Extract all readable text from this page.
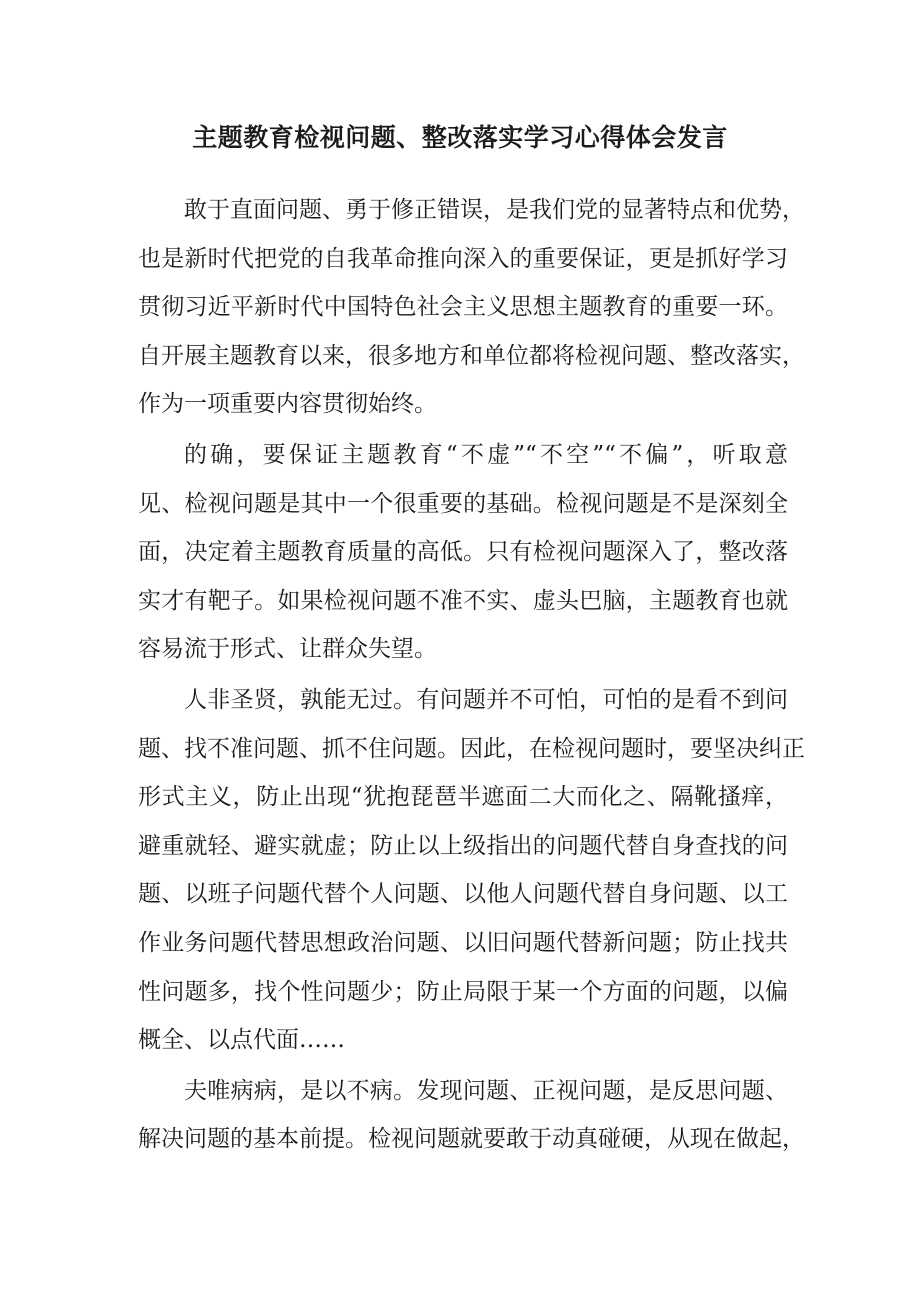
主题教育检视问题、整改落实学习心得体会发言
敢于直面问题、勇于修正错误，是我们党的显著特点和优势，
也是新时代把党的自我革命推向深入的重要保证，更是抓好学习
贯彻习近平新时代中国特色社会主义思想主题教育的重要一环。
自开展主题教育以来，很多地方和单位都将检视问题、整改落实，
作为一项重要内容贯彻始终。
的确，要保证主题教育“不虚”“不空”“不偏”，听取意
见、检视问题是其中一个很重要的基础。检视问题是不是深刻全
面，决定着主题教育质量的高低。只有检视问题深入了，整改落
实才有靶子。如果检视问题不准不实、虚头巴脑，主题教育也就
容易流于形式、让群众失望。
人非圣贤，孰能无过。有问题并不可怕，可怕的是看不到问
题、找不准问题、抓不住问题。因此，在检视问题时，要坚决纠正
形式主义，防止出现“犹抱琵琶半遮面二大而化之、隔靴搔痒，
避重就轻、避实就虚；防止以上级指出的问题代替自身查找的问
题、以班子问题代替个人问题、以他人问题代替自身问题、以工
作业务问题代替思想政治问题、以旧问题代替新问题；防止找共
性问题多，找个性问题少；防止局限于某一个方面的问题，以偏
概全、以点代面……
夫唯病病，是以不病。发现问题、正视问题，是反思问题、
解决问题的基本前提。检视问题就要敢于动真碰硬，从现在做起，
